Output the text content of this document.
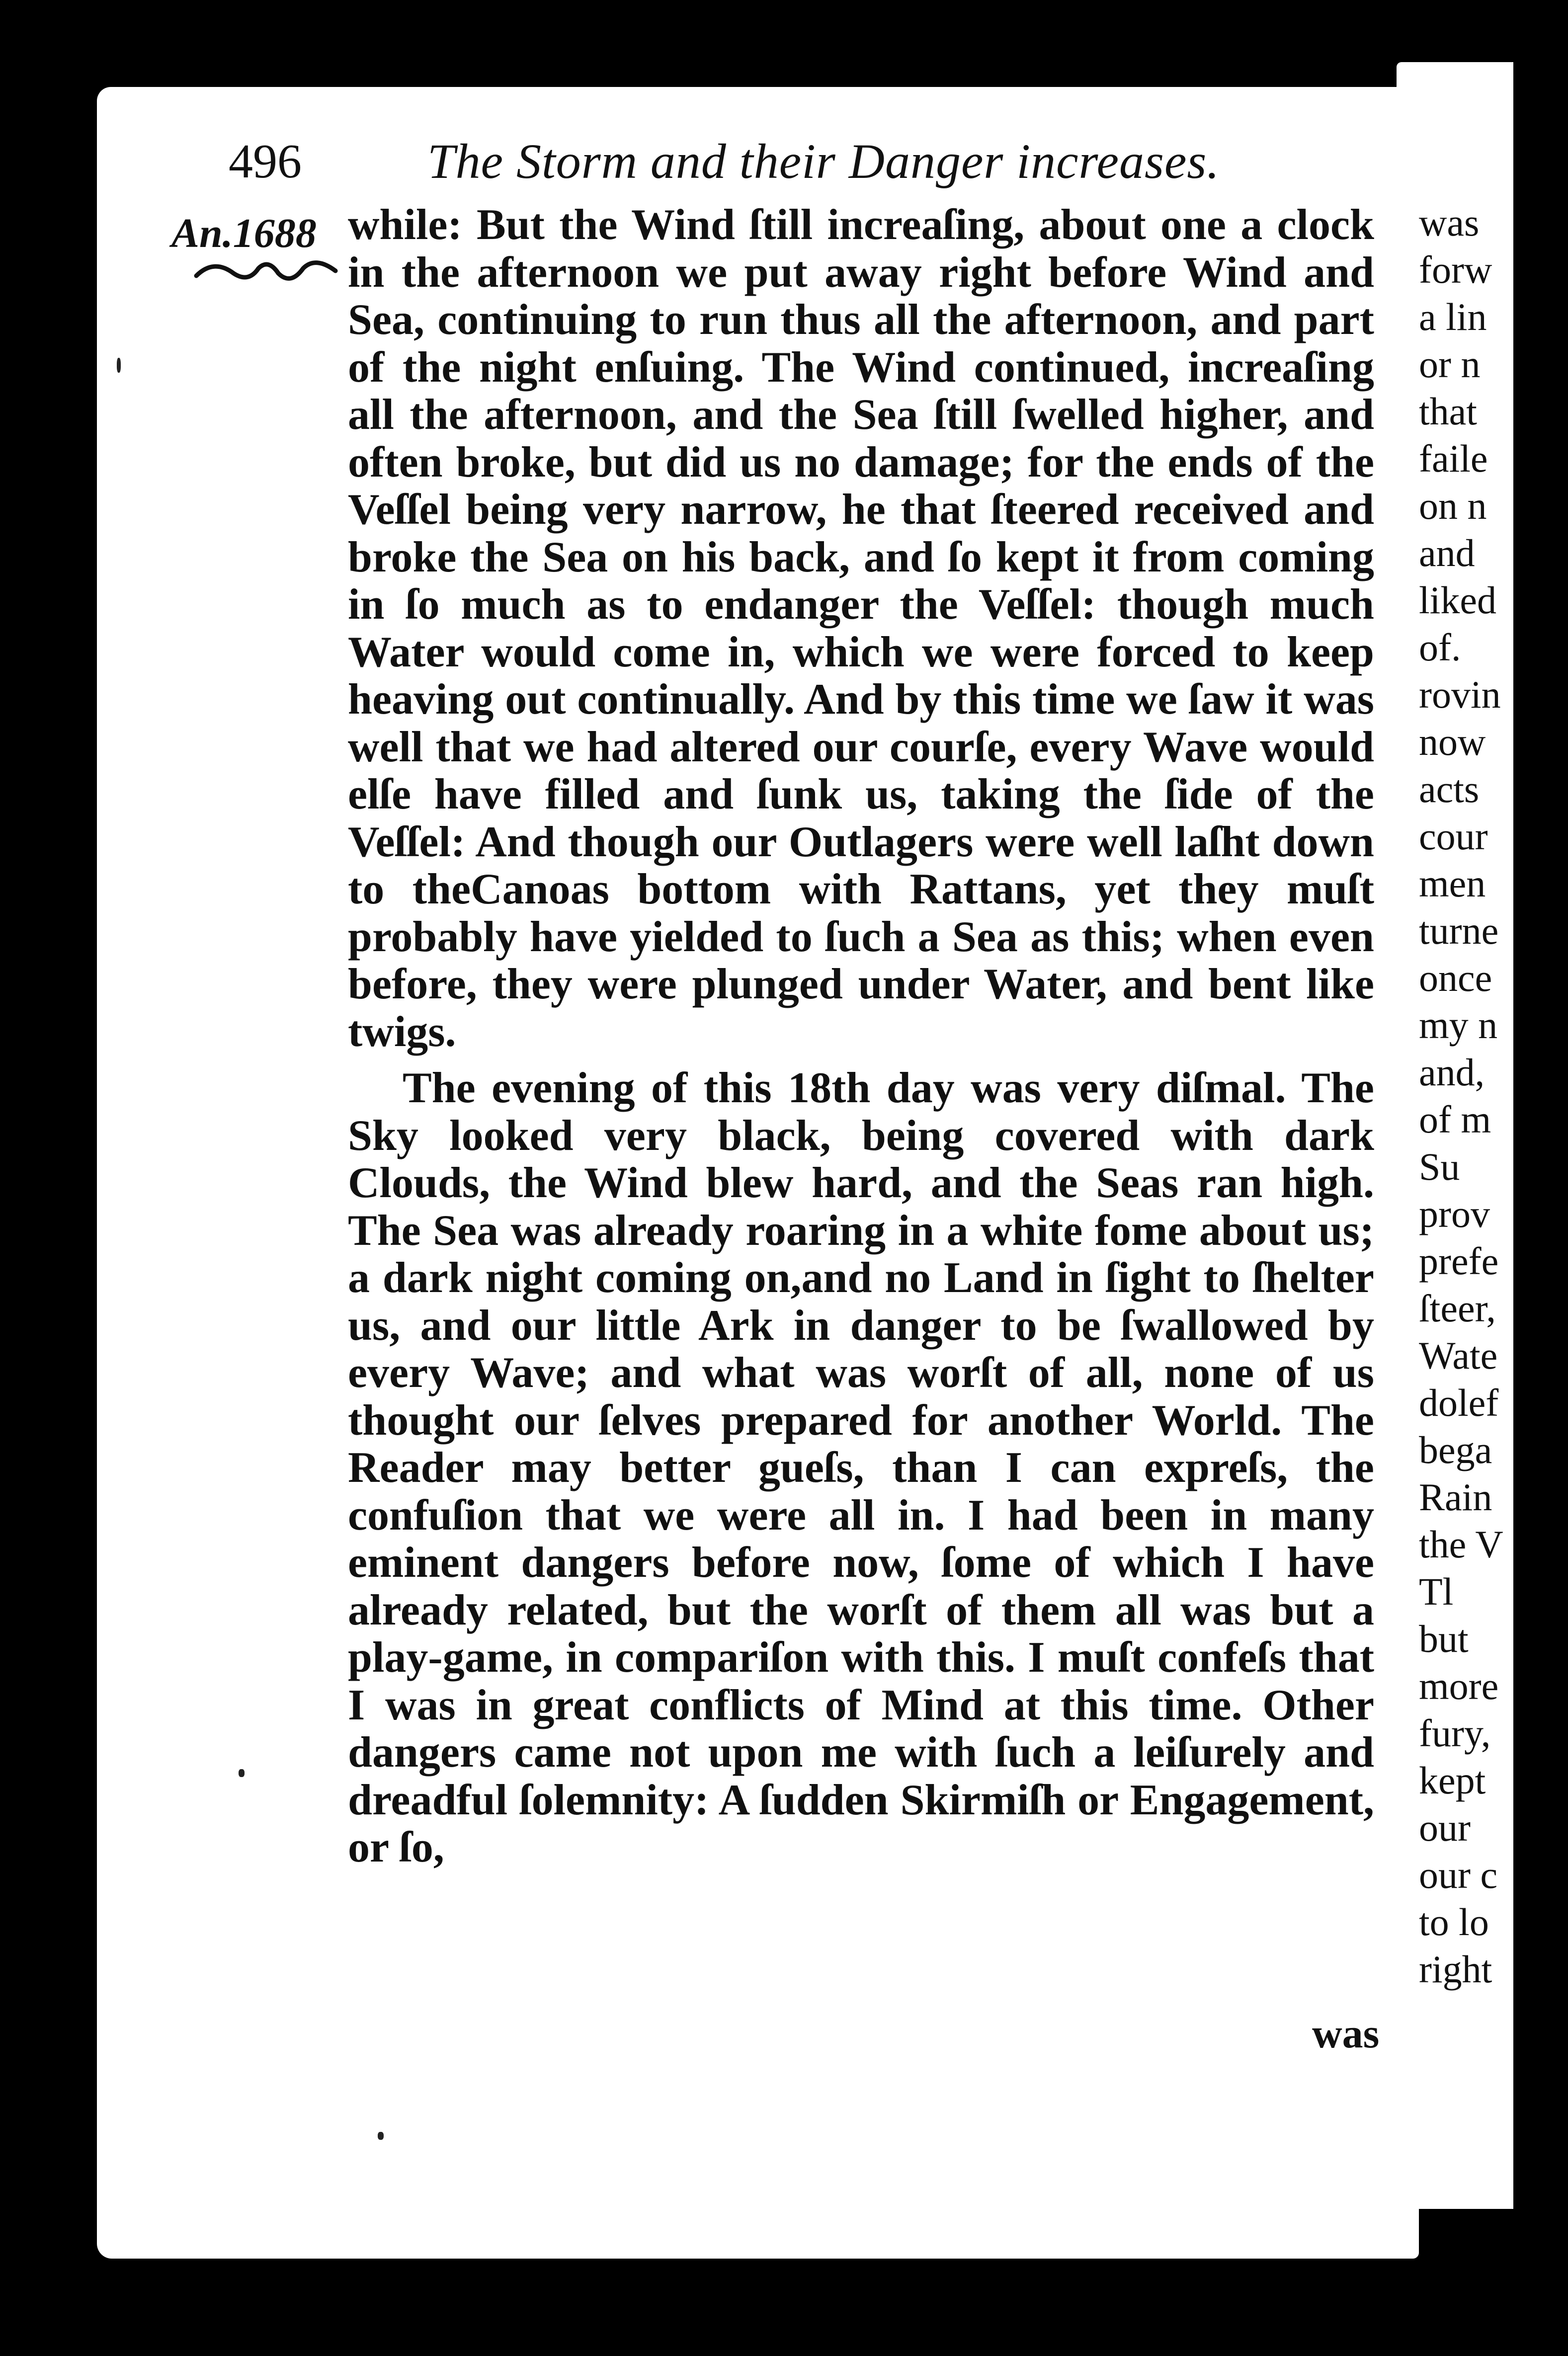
496	The Storm and their Danger increases.
An.1688 while: But the Wind ſtill increaſing, about one a clock in the afternoon we put away right before Wind and Sea, continuing to run thus all the afternoon, and part of the night enſuing. The Wind continued, increaſing all the afternoon, and the Sea ſtill ſwelled higher, and often broke, but did us no damage; for the ends of the Veſſel being very narrow, he that ſteered received and broke the Sea on his back, and ſo kept it from coming in ſo much as to endanger the Veſſel: though much Water would come in, which we were forced to keep heaving out continually. And by this time we ſaw it was well that we had altered our courſe, every Wave would elſe have filled and ſunk us, taking the ſide of the Veſſel: And though our Outlagers were well laſht down to theCanoas bottom with Rattans, yet they muſt probably have yielded to ſuch a Sea as this; when even before, they were plunged under Water, and bent like twigs.

The evening of this 18th day was very diſmal. The Sky looked very black, being covered with dark Clouds, the Wind blew hard, and the Seas ran high. The Sea was already roaring in a white fome about us; a dark night coming on,and no Land in ſight to ſhelter us, and our little Ark in danger to be ſwallowed by every Wave; and what was worſt of all, none of us thought our ſelves prepared for another World. The Reader may better gueſs, than I can expreſs, the confuſion that we were all in. I had been in many eminent dangers before now, ſome of which I have already related, but the worſt of them all was but a play-game, in compariſon with this. I muſt confeſs that I was in great conflicts of Mind at this time. Other dangers came not upon me with ſuch a leiſurely and dreadful ſolemnity: A ſudden Skirmiſh or Engagement, or ſo,

was
was
forw
a lin
or n
that
faile
on n
and
liked
of.
rovin
now
acts
cour
men
turne
once
my n
and,
of m
Su
prov
prefe
ſteer,
Wate
dolef
bega
Rain
the V
Tl
but
more
fury,
kept
our
our c
to lo
right
